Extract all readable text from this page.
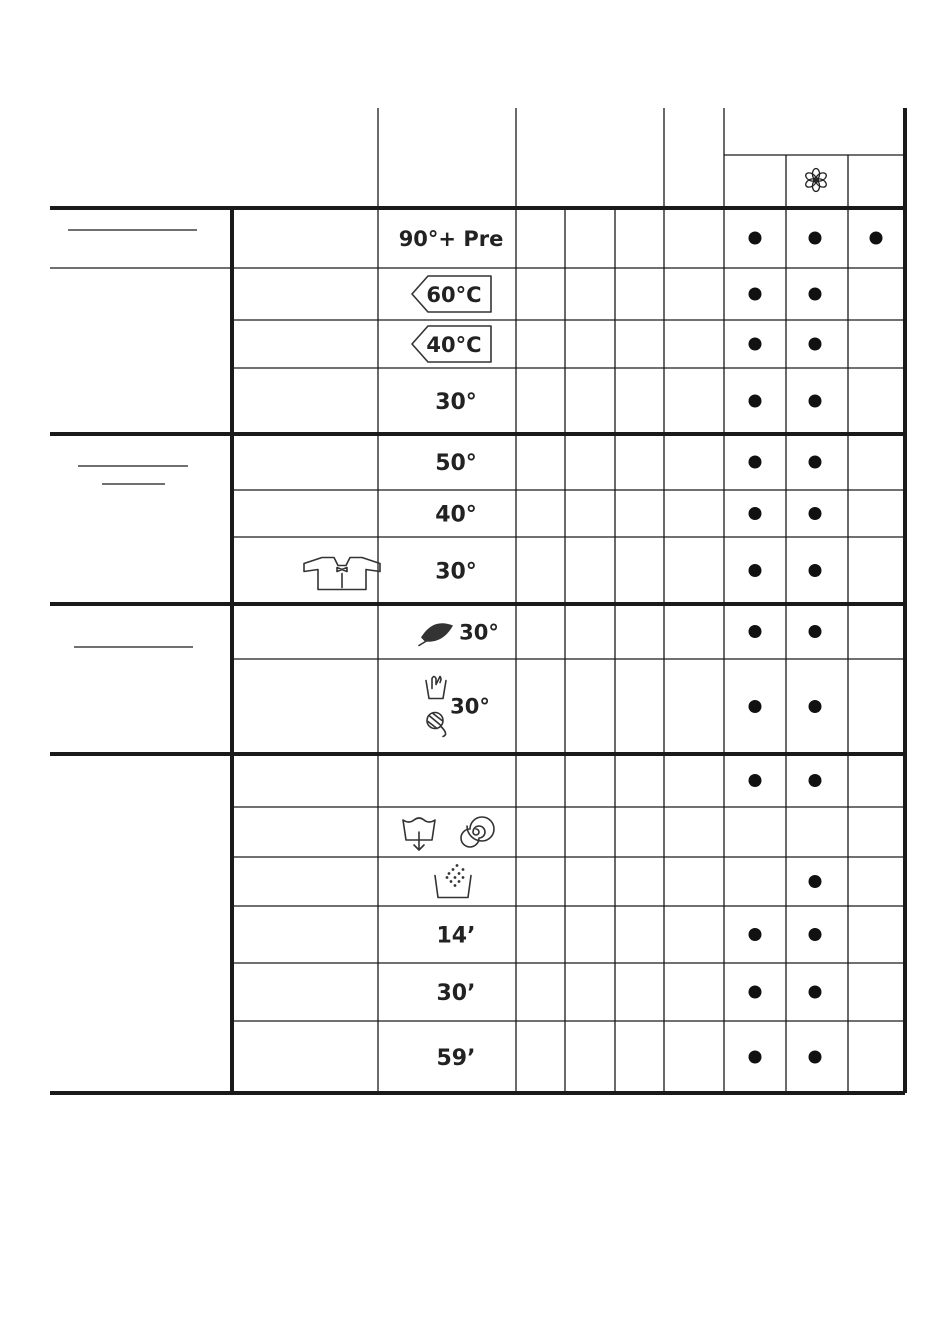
90°+ Pre
60°C
40°C
30°
50°
40°
30°
30°
30°
14’
30’
59’
